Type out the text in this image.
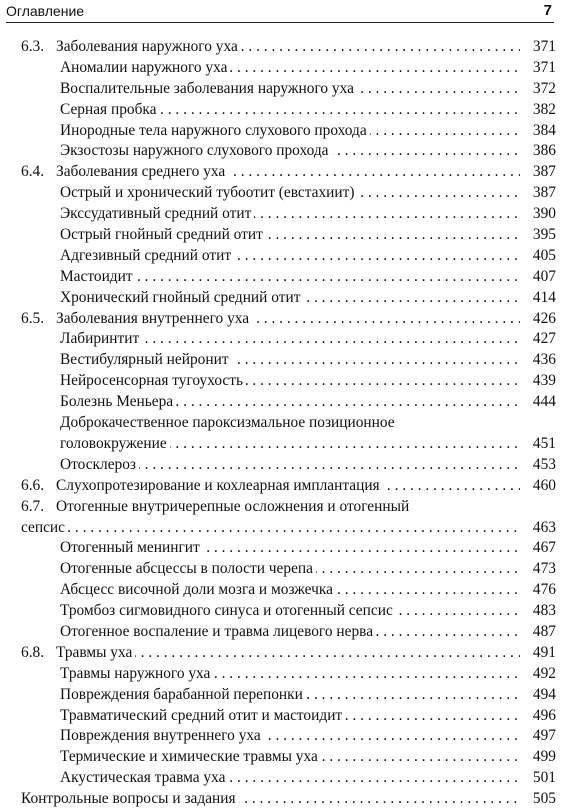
Оглавление	7
6.3. Заболевания наружного уха . . .	371
Аномалии наружного уха . . .	371
Воспалительные заболевания наружного уха . . .	372
Серная пробка . . .	382
Инородные тела наружного слухового прохода . . .	384
Экзостозы наружного слухового прохода . . .	386
6.4. Заболевания среднего уха . . .	387
Острый и хронический тубоотит (евстахиит) . . .	387
Экссудативный средний отит . . .	390
Острый гнойный средний отит . . .	395
Адгезивный средний отит . . .	405
Мастоидит . . .	407
Хронический гнойный средний отит . . .	414
6.5. Заболевания внутреннего уха . . .	426
Лабиринтит . . .	427
Вестибулярный нейронит . . .	436
Нейросенсорная тугоухость . . .	439
Болезнь Меньера . . .	444
Доброкачественное пароксизмальное позиционное
головокружение . . .	451
Отосклероз . . .	453
6.6. Слухопротезирование и кохлеарная имплантация . . .	460
6.7. Отогенные внутричерепные осложнения и отогенный
сепсис . . .	463
Отогенный менингит . . .	467
Отогенные абсцессы в полости черепа . . .	473
Абсцесс височной доли мозга и мозжечка . . .	476
Тромбоз сигмовидного синуса и отогенный сепсис . . .	483
Отогенное воспаление и травма лицевого нерва . . .	487
6.8. Травмы уха . . .	491
Травмы наружного уха . . .	492
Повреждения барабанной перепонки . . .	494
Травматический средний отит и мастоидит . . .	496
Повреждения внутреннего уха . . .	497
Термические и химические травмы уха . . .	499
Акустическая травма уха . . .	501
Контрольные вопросы и задания . . .	505
